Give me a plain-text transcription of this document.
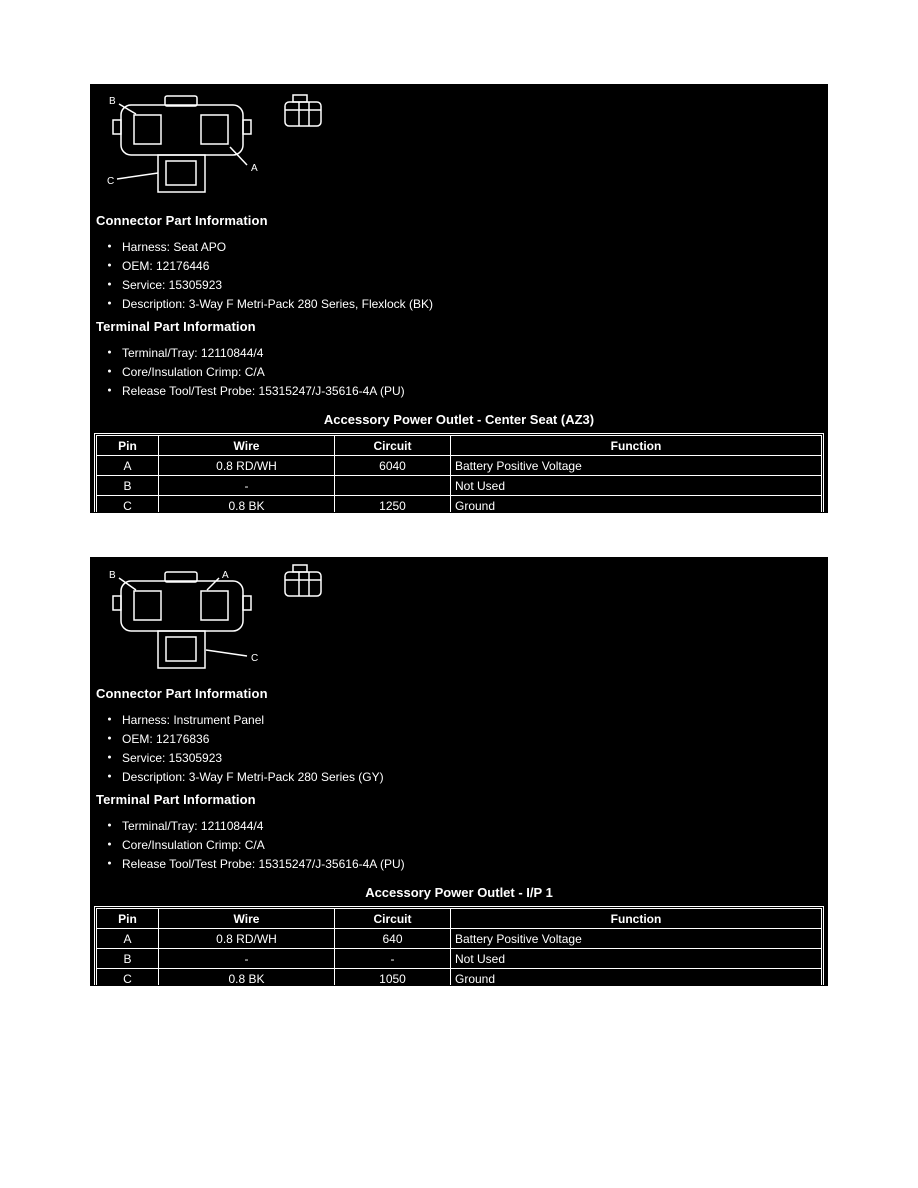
B
A
C
Connector Part Information
●
Harness: Seat APO
●
OEM: 12176446
●
Service: 15305923
●
Description: 3-Way F Metri-Pack 280 Series, Flexlock (BK)
Terminal Part Information
●
Terminal/Tray: 12110844/4
●
Core/Insulation Crimp: C/A
●
Release Tool/Test Probe: 15315247/J-35616-4A (PU)
Accessory Power Outlet - Center Seat (AZ3)
Pin	Wire	Circuit	Function
A	0.8 RD/WH	6040	Battery Positive Voltage
B	-		Not Used
C	0.8 BK	1250	Ground
B	A
C
Connector Part Information
●
Harness: Instrument Panel
●
OEM: 12176836
●
Service: 15305923
●
Description: 3-Way F Metri-Pack 280 Series (GY)
Terminal Part Information
●
Terminal/Tray: 12110844/4
●
Core/Insulation Crimp: C/A
●
Release Tool/Test Probe: 15315247/J-35616-4A (PU)
Accessory Power Outlet - I/P 1
Pin	Wire	Circuit	Function
A	0.8 RD/WH	640	Battery Positive Voltage
B	-	-	Not Used
C	0.8 BK	1050	Ground
